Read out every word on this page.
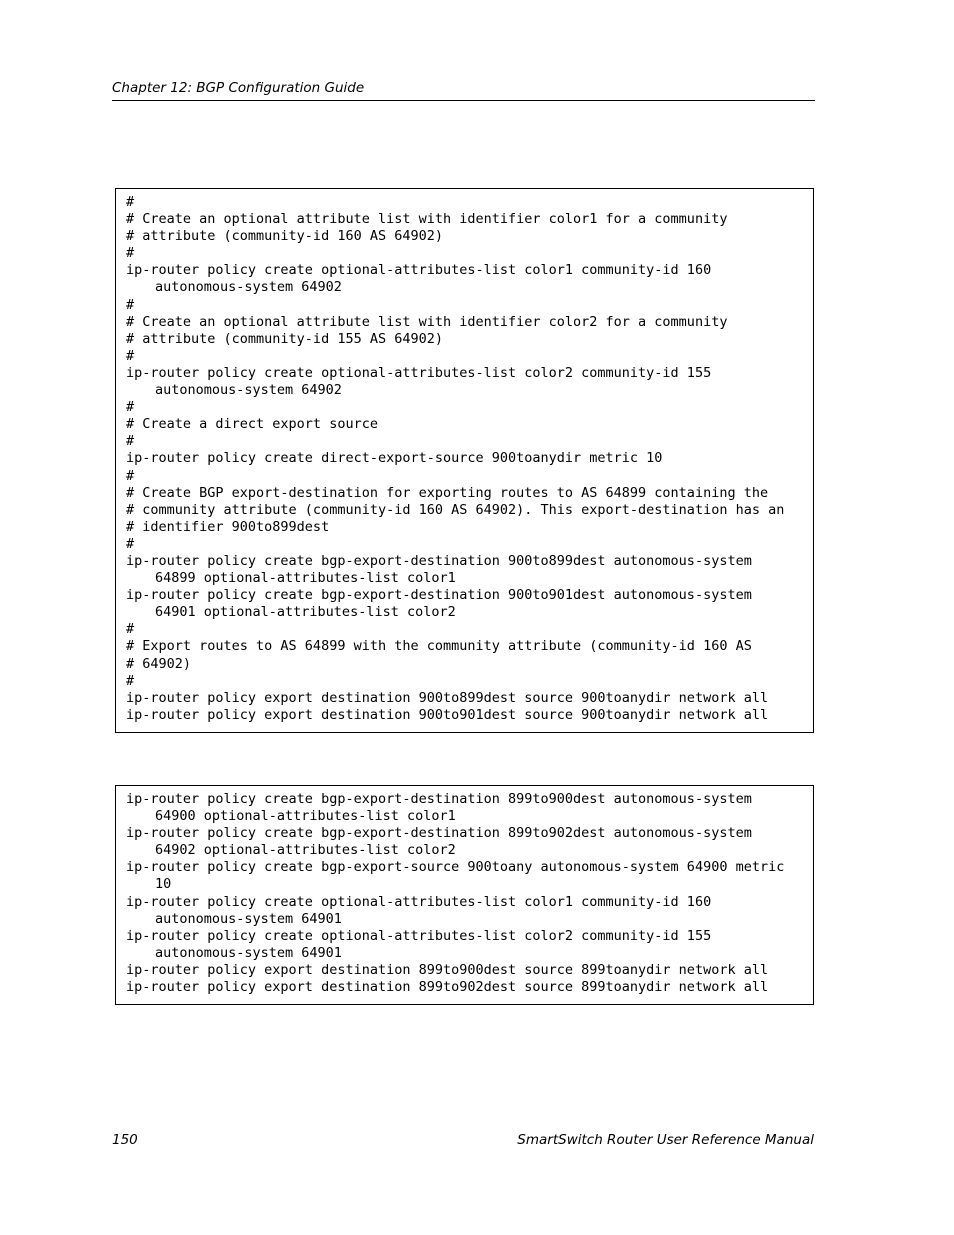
Chapter 12: BGP Configuration Guide
#
# Create an optional attribute list with identifier color1 for a community
# attribute (community-id 160 AS 64902)
#
ip-router policy create optional-attributes-list color1 community-id 160
autonomous-system 64902
#
# Create an optional attribute list with identifier color2 for a community
# attribute (community-id 155 AS 64902)
#
ip-router policy create optional-attributes-list color2 community-id 155
autonomous-system 64902
#
# Create a direct export source
#
ip-router policy create direct-export-source 900toanydir metric 10
#
# Create BGP export-destination for exporting routes to AS 64899 containing the
# community attribute (community-id 160 AS 64902). This export-destination has an
# identifier 900to899dest
#
ip-router policy create bgp-export-destination 900to899dest autonomous-system
64899 optional-attributes-list color1
ip-router policy create bgp-export-destination 900to901dest autonomous-system
64901 optional-attributes-list color2
#
# Export routes to AS 64899 with the community attribute (community-id 160 AS
# 64902)
#
ip-router policy export destination 900to899dest source 900toanydir network all
ip-router policy export destination 900to901dest source 900toanydir network all
ip-router policy create bgp-export-destination 899to900dest autonomous-system
64900 optional-attributes-list color1
ip-router policy create bgp-export-destination 899to902dest autonomous-system
64902 optional-attributes-list color2
ip-router policy create bgp-export-source 900toany autonomous-system 64900 metric
10
ip-router policy create optional-attributes-list color1 community-id 160
autonomous-system 64901
ip-router policy create optional-attributes-list color2 community-id 155
autonomous-system 64901
ip-router policy export destination 899to900dest source 899toanydir network all
ip-router policy export destination 899to902dest source 899toanydir network all
150	SmartSwitch Router User Reference Manual
